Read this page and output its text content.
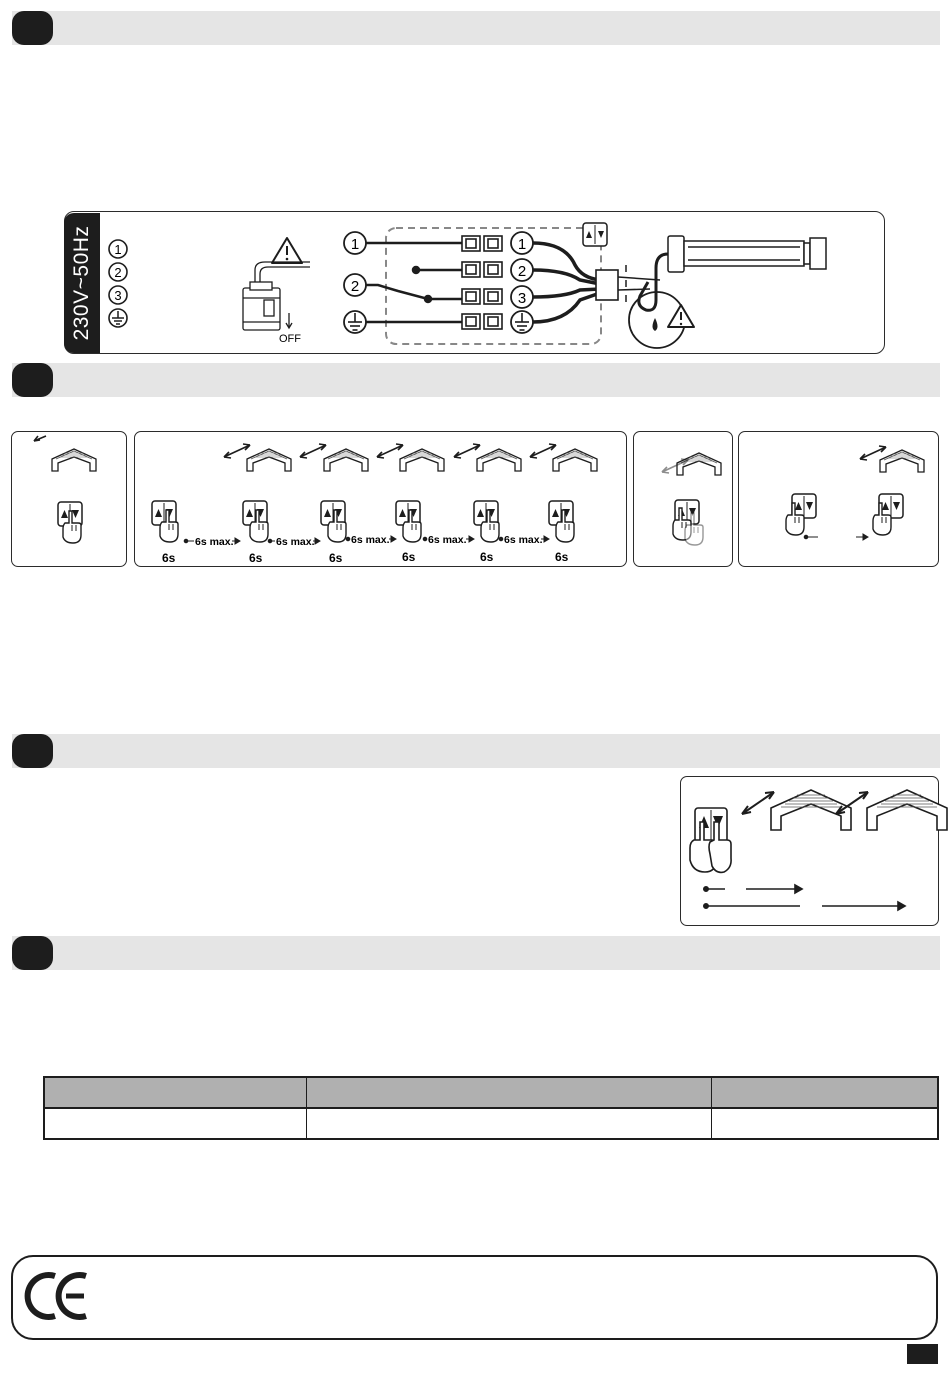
230V~50Hz 1
2
3
OFF
1
2
1
2
3
6s	6s	6s	6s	6s	6s
6s max.	6s max.	6s max.	6s max.	6s max.
